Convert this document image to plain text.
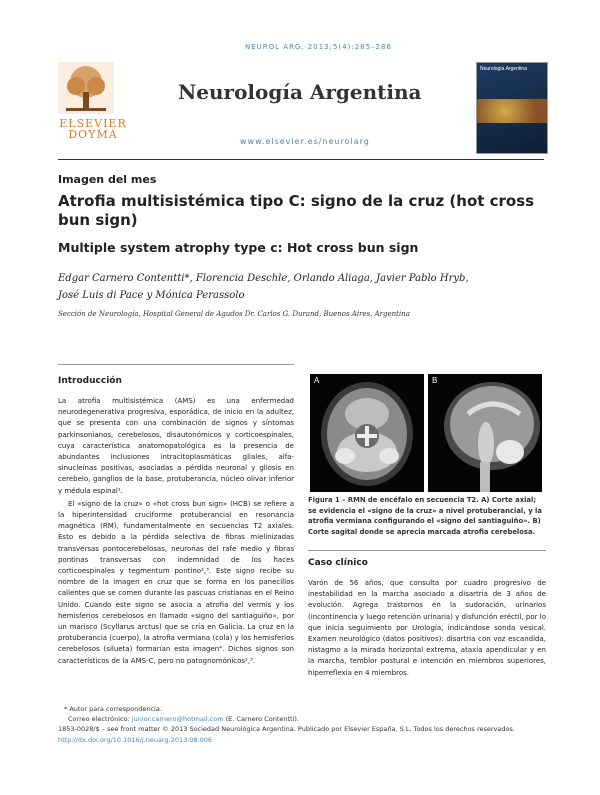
NEUROL ARG. 2013;5(4):285–286
ELSEVIER
DOYMA
Neurología Argentina
www.elsevier.es/neurolarg
Neurología Argentina
Imagen del mes
Atrofia multisistémica tipo C: signo de la cruz (hot cross bun sign)
Multiple system atrophy type c: Hot cross bun sign
Edgar Carnero Contentti*, Florencia Deschle, Orlando Aliaga, Javier Pablo Hryb,
José Luis di Pace y Mónica Perassolo
Sección de Neurología, Hospital General de Agudos Dr. Carlos G. Durand, Buenos Aires, Argentina
Introducción

La atrofia multisistémica (AMS) es una enfermedad neurodegenerativa progresiva, esporádica, de inicio en la adultez, que se presenta con una combinación de signos y síntomas parkinsonianos, cerebelosos, disautonómicos y corticoespinales, cuya característica anatomopatológica es la presencia de abundantes inclusiones intracitoplasmáticas gliales, alfa-sinucleínas positivas, asociadas a pérdida neuronal y gliosis en cerebelo, ganglios de la base, protuberancia, núcleo olivar inferior y médula espinal¹.

El «signo de la cruz» o «hot cross bun sign» (HCB) se refiere a la hiperintensidad cruciforme protuberancial en resonancia magnética (RM), fundamentalmente en secuencias T2 axiales. Esto es debido a la pérdida selectiva de fibras mielinizadas transversas pontocerebelosas, neuronas del rafe medio y fibras pontinas transversas con indemnidad de los haces corticoespinales y tegmentum pontino²,³. Este signo recibe su nombre de la imagen en cruz que se forma en los panecillos calientes que se comen durante las pascuas cristianas en el Reino Unido. Cuando este signo se asocia a atrofia del vermis y los hemisferios cerebelosos en llamado «signo del santiaguiño», por un marisco (Scyllarus arctus) que se cría en Galicia. La cruz en la protuberancia (cuerpo), la atrofia vermiana (cola) y los hemisferios cerebelosos (silueta) formarían esta imagen⁴. Dichos signos son característicos de la AMS-C, pero no patognomónicos²,³.

A	B
Figura 1 – RMN de encéfalo en secuencia T2. A) Corte axial; se evidencia el «signo de la cruz» a nivel protuberancial, y la atrofia vermiana configurando el «signo del santiaguiño». B) Corte sagital donde se aprecia marcada atrofia cerebelosa.
Caso clínico
Varón de 56 años, que consulta por cuadro progresivo de inestabilidad en la marcha asociado a disartria de 3 años de evolución. Agrega trastornos en la sudoración, urinarios (incontinencia y luego retención urinaria) y disfunción eréctil, por lo que inicia seguimiento por Urología, indicándose sonda vesical. Examen neurológico (datos positivos): disartria con voz escandida, nistagmo a la mirada horizontal extrema, ataxia apendicular y en la marcha, temblor postural e intención en miembros superiores, hiperreflexia en 4 miembros.
* Autor para correspondencia.
Correo electrónico: junior.carnero@hotmail.com (E. Carnero Contentti).
1853-0028/$ – see front matter © 2013 Sociedad Neurológica Argentina. Publicado por Elsevier España, S.L. Todos los derechos reservados.
http://dx.doi.org/10.1016/j.neuarg.2013.08.006
